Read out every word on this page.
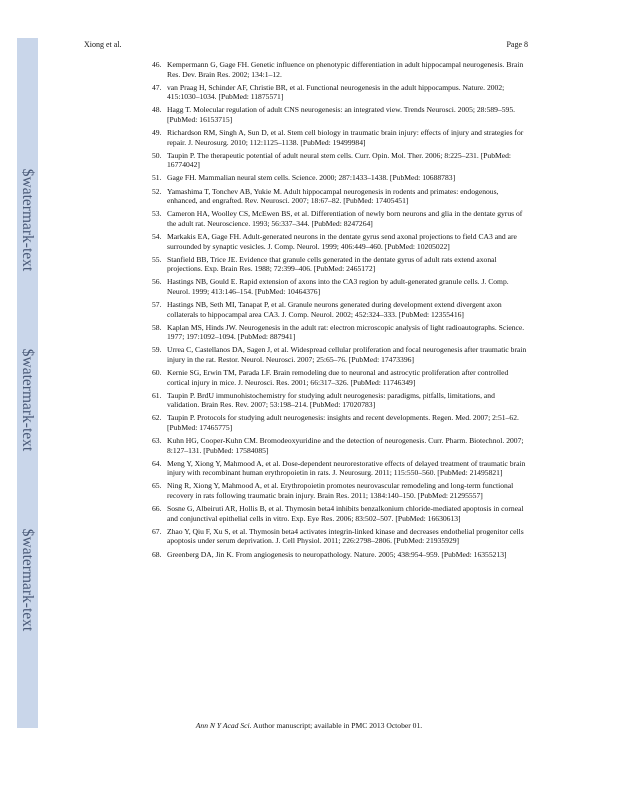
$watermark-text
$watermark-text
$watermark-text
Xiong et al.	Page 8
46. Kempermann G, Gage FH. Genetic influence on phenotypic differentiation in adult hippocampal neurogenesis. Brain Res. Dev. Brain Res. 2002; 134:1–12.
47. van Praag H, Schinder AF, Christie BR, et al. Functional neurogenesis in the adult hippocampus. Nature. 2002; 415:1030–1034. [PubMed: 11875571]
48. Hagg T. Molecular regulation of adult CNS neurogenesis: an integrated view. Trends Neurosci. 2005; 28:589–595. [PubMed: 16153715]
49. Richardson RM, Singh A, Sun D, et al. Stem cell biology in traumatic brain injury: effects of injury and strategies for repair. J. Neurosurg. 2010; 112:1125–1138. [PubMed: 19499984]
50. Taupin P. The therapeutic potential of adult neural stem cells. Curr. Opin. Mol. Ther. 2006; 8:225–231. [PubMed: 16774042]
51. Gage FH. Mammalian neural stem cells. Science. 2000; 287:1433–1438. [PubMed: 10688783]
52. Yamashima T, Tonchev AB, Yukie M. Adult hippocampal neurogenesis in rodents and primates: endogenous, enhanced, and engrafted. Rev. Neurosci. 2007; 18:67–82. [PubMed: 17405451]
53. Cameron HA, Woolley CS, McEwen BS, et al. Differentiation of newly born neurons and glia in the dentate gyrus of the adult rat. Neuroscience. 1993; 56:337–344. [PubMed: 8247264]
54. Markakis EA, Gage FH. Adult-generated neurons in the dentate gyrus send axonal projections to field CA3 and are surrounded by synaptic vesicles. J. Comp. Neurol. 1999; 406:449–460. [PubMed: 10205022]
55. Stanfield BB, Trice JE. Evidence that granule cells generated in the dentate gyrus of adult rats extend axonal projections. Exp. Brain Res. 1988; 72:399–406. [PubMed: 2465172]
56. Hastings NB, Gould E. Rapid extension of axons into the CA3 region by adult-generated granule cells. J. Comp. Neurol. 1999; 413:146–154. [PubMed: 10464376]
57. Hastings NB, Seth MI, Tanapat P, et al. Granule neurons generated during development extend divergent axon collaterals to hippocampal area CA3. J. Comp. Neurol. 2002; 452:324–333. [PubMed: 12355416]
58. Kaplan MS, Hinds JW. Neurogenesis in the adult rat: electron microscopic analysis of light radioautographs. Science. 1977; 197:1092–1094. [PubMed: 887941]
59. Urrea C, Castellanos DA, Sagen J, et al. Widespread cellular proliferation and focal neurogenesis after traumatic brain injury in the rat. Restor. Neurol. Neurosci. 2007; 25:65–76. [PubMed: 17473396]
60. Kernie SG, Erwin TM, Parada LF. Brain remodeling due to neuronal and astrocytic proliferation after controlled cortical injury in mice. J. Neurosci. Res. 2001; 66:317–326. [PubMed: 11746349]
61. Taupin P. BrdU immunohistochemistry for studying adult neurogenesis: paradigms, pitfalls, limitations, and validation. Brain Res. Rev. 2007; 53:198–214. [PubMed: 17020783]
62. Taupin P. Protocols for studying adult neurogenesis: insights and recent developments. Regen. Med. 2007; 2:51–62. [PubMed: 17465775]
63. Kuhn HG, Cooper-Kuhn CM. Bromodeoxyuridine and the detection of neurogenesis. Curr. Pharm. Biotechnol. 2007; 8:127–131. [PubMed: 17584085]
64. Meng Y, Xiong Y, Mahmood A, et al. Dose-dependent neurorestorative effects of delayed treatment of traumatic brain injury with recombinant human erythropoietin in rats. J. Neurosurg. 2011; 115:550–560. [PubMed: 21495821]
65. Ning R, Xiong Y, Mahmood A, et al. Erythropoietin promotes neurovascular remodeling and long-term functional recovery in rats following traumatic brain injury. Brain Res. 2011; 1384:140–150. [PubMed: 21295557]
66. Sosne G, Albeiruti AR, Hollis B, et al. Thymosin beta4 inhibits benzalkonium chloride-mediated apoptosis in corneal and conjunctival epithelial cells in vitro. Exp. Eye Res. 2006; 83:502–507. [PubMed: 16630613]
67. Zhao Y, Qiu F, Xu S, et al. Thymosin beta4 activates integrin-linked kinase and decreases endothelial progenitor cells apoptosis under serum deprivation. J. Cell Physiol. 2011; 226:2798–2806. [PubMed: 21935929]
68. Greenberg DA, Jin K. From angiogenesis to neuropathology. Nature. 2005; 438:954–959. [PubMed: 16355213]
Ann N Y Acad Sci. Author manuscript; available in PMC 2013 October 01.
